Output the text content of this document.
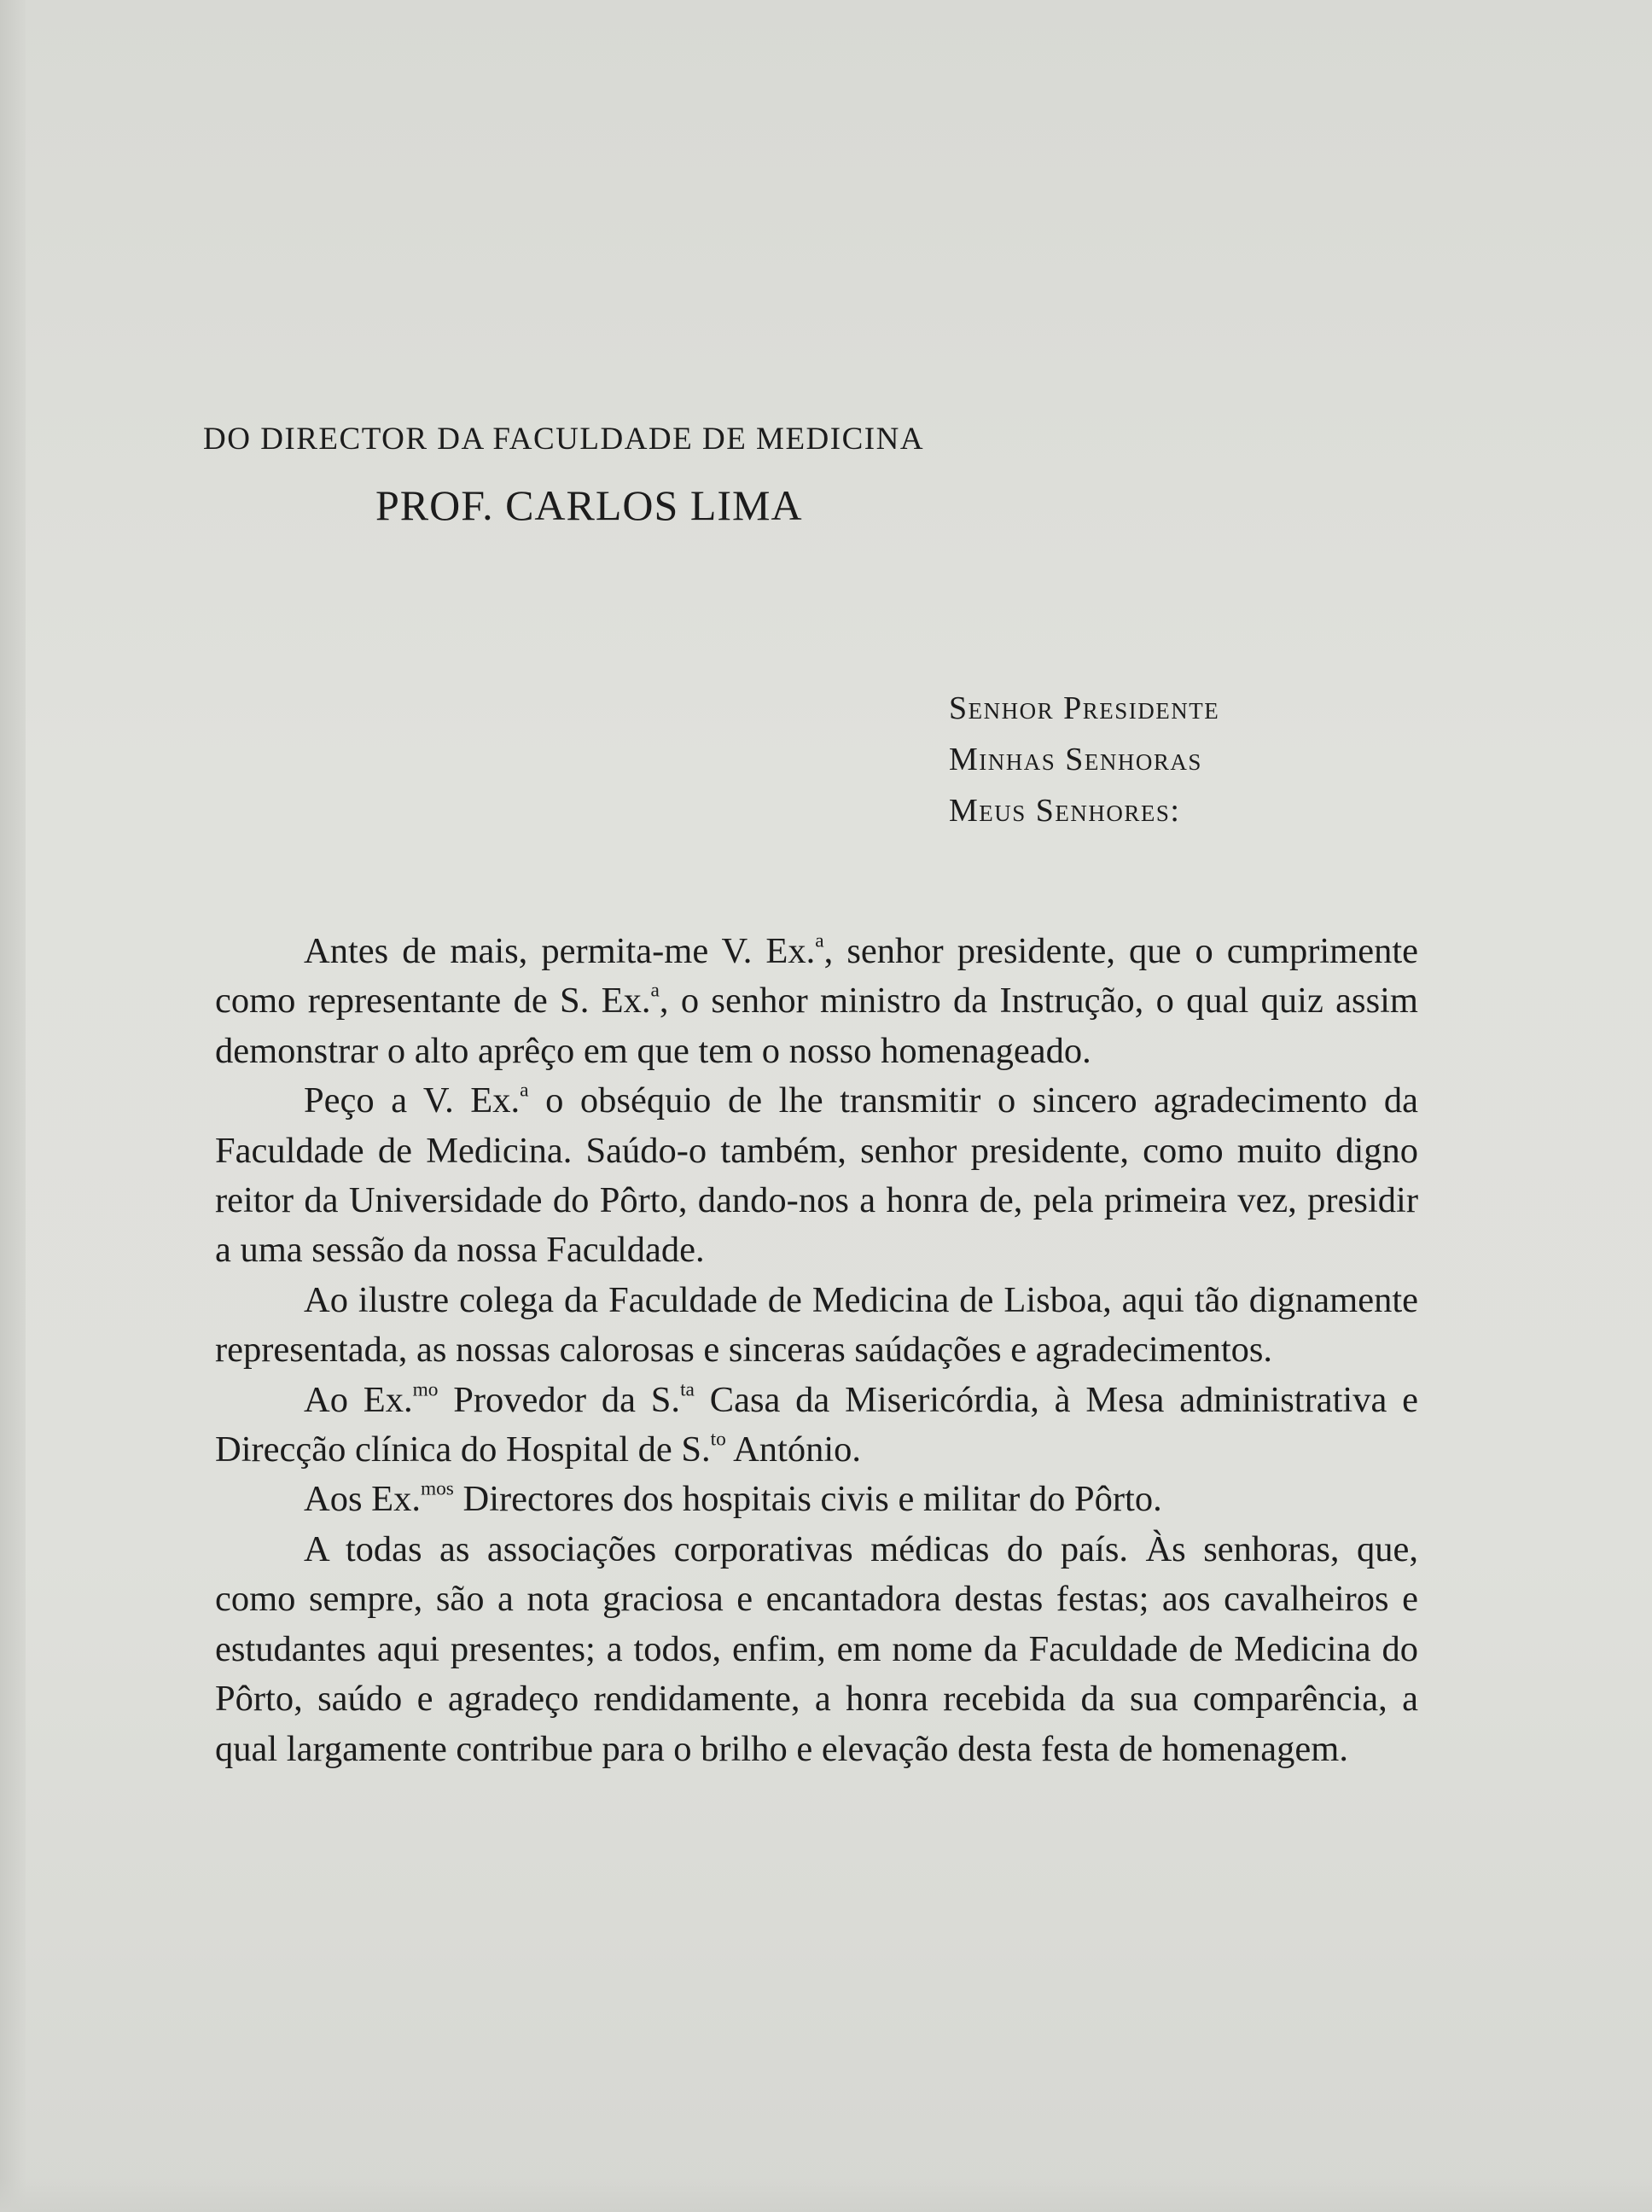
DO DIRECTOR DA FACULDADE DE MEDICINA
PROF. CARLOS LIMA
Senhor Presidente
Minhas Senhoras
Meus Senhores:

Antes de mais, permita-me V. Ex.$^a$, senhor presidente, que o cumprimente como representante de S. Ex.$^a$, o senhor ministro da Instrução, o qual quiz assim demonstrar o alto aprêço em que tem o nosso homenageado.

Peço a V. Ex.$^a$ o obséquio de lhe transmitir o sincero agradecimento da Faculdade de Medicina. Saúdo-o também, senhor presidente, como muito digno reitor da Universidade do Pôrto, dando-nos a honra de, pela primeira vez, presidir a uma sessão da nossa Faculdade.

Ao ilustre colega da Faculdade de Medicina de Lisboa, aqui tão dignamente representada, as nossas calorosas e sinceras saúdações e agradecimentos.

Ao Ex.$^{mo}$ Provedor da S.$^{ta}$ Casa da Misericórdia, à Mesa administrativa e Direcção clínica do Hospital de S.$^{to}$ António.

Aos Ex.$^{mos}$ Directores dos hospitais civis e militar do Pôrto.

A todas as associações corporativas médicas do país. Às senhoras, que, como sempre, são a nota graciosa e encantadora destas festas; aos cavalheiros e estudantes aqui presentes; a todos, enfim, em nome da Faculdade de Medicina do Pôrto, saúdo e agradeço rendidamente, a honra recebida da sua comparência, a qual largamente contribue para o brilho e elevação desta festa de homenagem.
